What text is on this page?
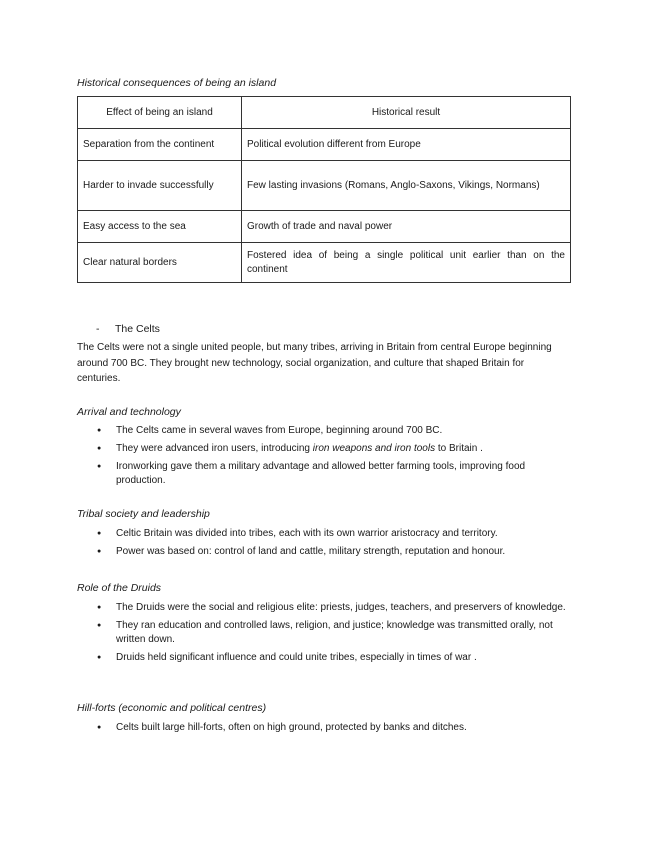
Historical consequences of being an island
Effect of being an island	Historical result
Separation from the continent	Political evolution different from Europe
Harder to invade successfully	Few lasting invasions (Romans, Anglo-Saxons, Vikings, Normans)
Easy access to the sea	Growth of trade and naval power
Clear natural borders	Fostered idea of being a single political unit earlier than on the continent
- The Celts
The Celts were not a single united people, but many tribes, arriving in Britain from central Europe beginning around 700 BC. They brought new technology, social organization, and culture that shaped Britain for centuries.
Arrival and technology
● The Celts came in several waves from Europe, beginning around 700 BC.
● They were advanced iron users, introducing iron weapons and iron tools to Britain .
● Ironworking gave them a military advantage and allowed better farming tools, improving food production.
Tribal society and leadership
● Celtic Britain was divided into tribes, each with its own warrior aristocracy and territory.
● Power was based on: control of land and cattle, military strength, reputation and honour.
Role of the Druids
● The Druids were the social and religious elite: priests, judges, teachers, and preservers of knowledge.
● They ran education and controlled laws, religion, and justice; knowledge was transmitted orally, not written down.
● Druids held significant influence and could unite tribes, especially in times of war .
Hill-forts (economic and political centres)
● Celts built large hill-forts, often on high ground, protected by banks and ditches.
